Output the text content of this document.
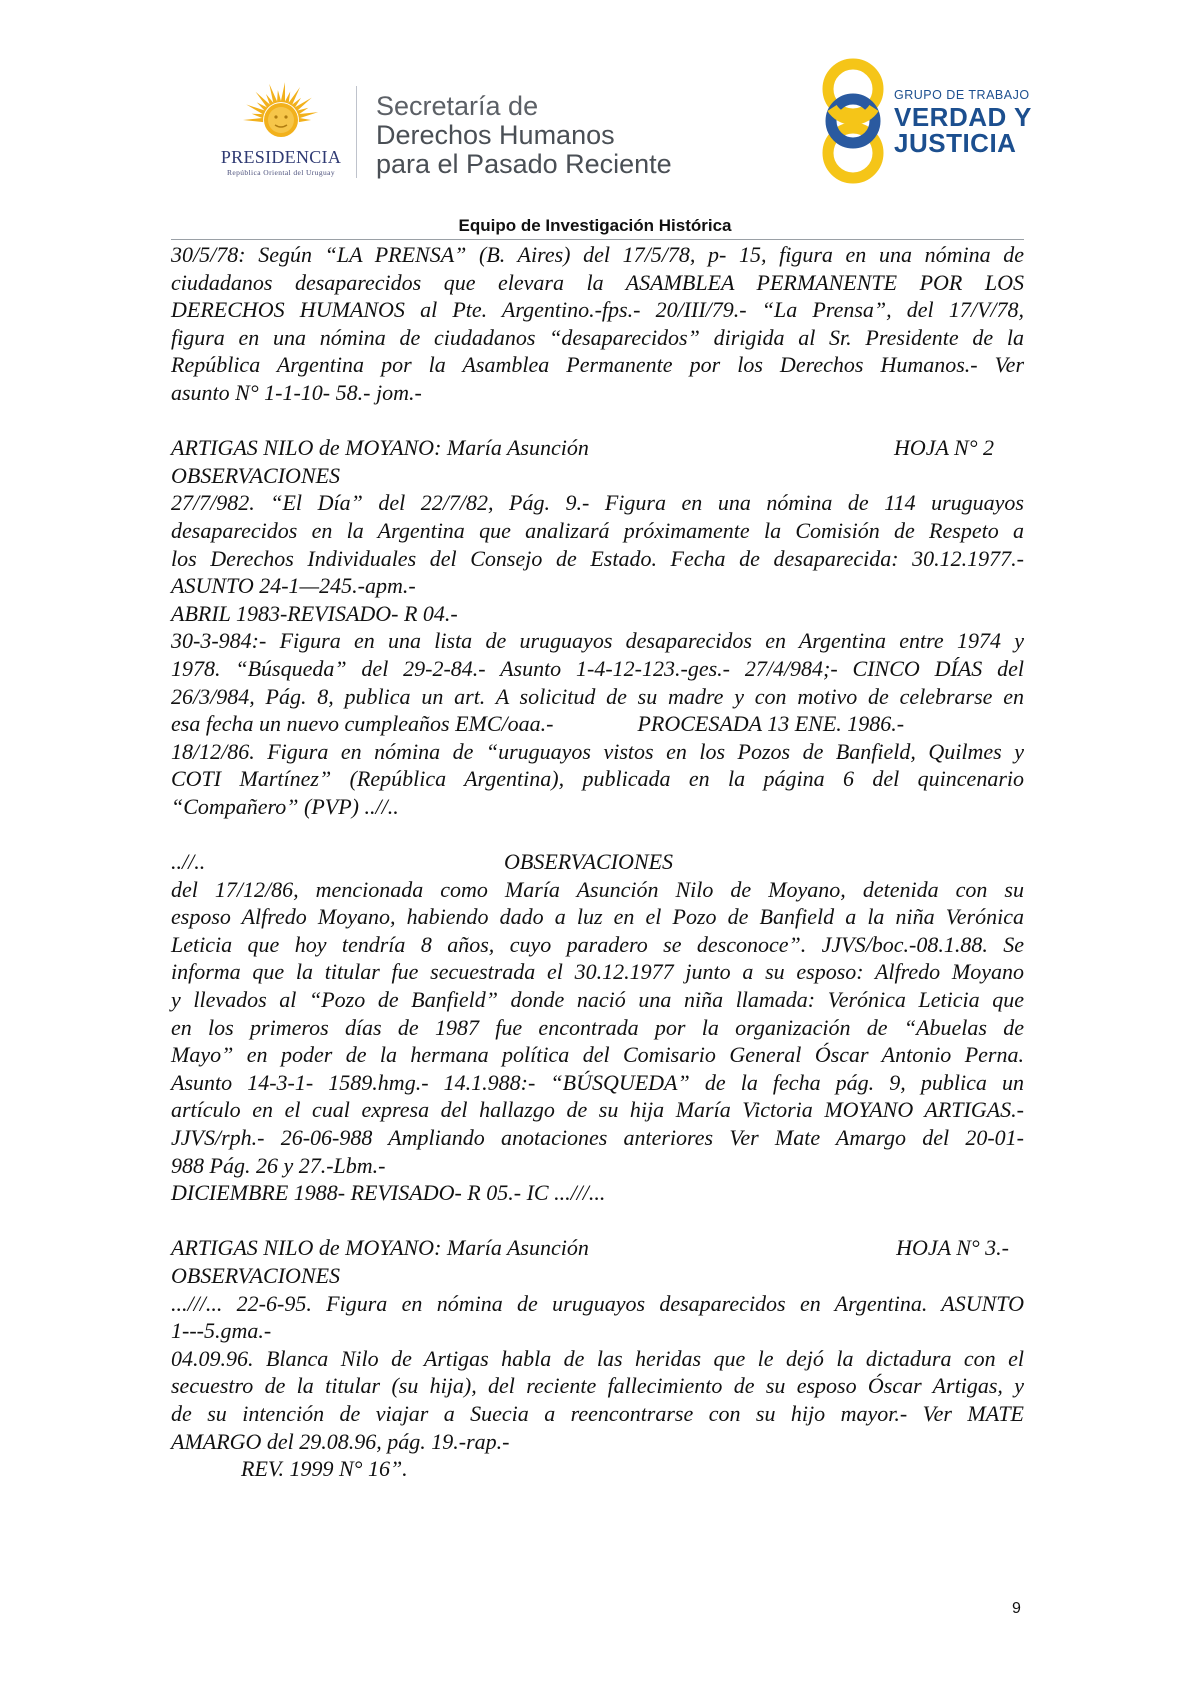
PRESIDENCIA
República Oriental del Uruguay
Secretaría de
Derechos Humanos
para el Pasado Reciente
GRUPO DE TRABAJO
VERDAD Y
JUSTICIA
Equipo de Investigación Histórica

30/5/78: Según “LA PRENSA” (B. Aires) del 17/5/78, p- 15, figura en una nómina de

ciudadanos desaparecidos que elevara la ASAMBLEA PERMANENTE POR LOS

DERECHOS HUMANOS al Pte. Argentino.-fps.- 20/III/79.- “La Prensa”, del 17/V/78,

figura en una nómina de ciudadanos “desaparecidos” dirigida al Sr. Presidente de la

República Argentina por la Asamblea Permanente por los Derechos Humanos.- Ver

asunto N° 1-1-10- 58.- jom.-

ARTIGAS NILO de MOYANO: María Asunción	HOJA N° 2

OBSERVACIONES

27/7/982. “El Día” del 22/7/82, Pág. 9.- Figura en una nómina de 114 uruguayos

desaparecidos en la Argentina que analizará próximamente la Comisión de Respeto a

los Derechos Individuales del Consejo de Estado. Fecha de desaparecida: 30.12.1977.-

ASUNTO 24-1—245.-apm.-

ABRIL 1983-REVISADO- R 04.-

30-3-984:- Figura en una lista de uruguayos desaparecidos en Argentina entre 1974 y

1978. “Búsqueda” del 29-2-84.- Asunto 1-4-12-123.-ges.- 27/4/984;- CINCO DÍAS del

26/3/984, Pág. 8, publica un art. A solicitud de su madre y con motivo de celebrarse en

esa fecha un nuevo cumpleaños EMC/oaa.-	PROCESADA 13 ENE. 1986.-

18/12/86. Figura en nómina de “uruguayos vistos en los Pozos de Banfield, Quilmes y

COTI Martínez” (República Argentina), publicada en la página 6 del quincenario

“Compañero” (PVP) ..//..

..//..	OBSERVACIONES

del 17/12/86, mencionada como María Asunción Nilo de Moyano, detenida con su

esposo Alfredo Moyano, habiendo dado a luz en el Pozo de Banfield a la niña Verónica

Leticia que hoy tendría 8 años, cuyo paradero se desconoce”. JJVS/boc.-08.1.88. Se

informa que la titular fue secuestrada el 30.12.1977 junto a su esposo: Alfredo Moyano

y llevados al “Pozo de Banfield” donde nació una niña llamada: Verónica Leticia que

en los primeros días de 1987 fue encontrada por la organización de “Abuelas de

Mayo” en poder de la hermana política del Comisario General Óscar Antonio Perna.

Asunto 14-3-1- 1589.hmg.- 14.1.988:- “BÚSQUEDA” de la fecha pág. 9, publica un

artículo en el cual expresa del hallazgo de su hija María Victoria MOYANO ARTIGAS.-

JJVS/rph.- 26-06-988 Ampliando anotaciones anteriores Ver Mate Amargo del 20-01-

988 Pág. 26 y 27.-Lbm.-

DICIEMBRE 1988- REVISADO- R 05.- IC ...///...

ARTIGAS NILO de MOYANO: María Asunción	HOJA N° 3.-

OBSERVACIONES

...///... 22-6-95. Figura en nómina de uruguayos desaparecidos en Argentina. ASUNTO

1---5.gma.-

04.09.96. Blanca Nilo de Artigas habla de las heridas que le dejó la dictadura con el

secuestro de la titular (su hija), del reciente fallecimiento de su esposo Óscar Artigas, y

de su intención de viajar a Suecia a reencontrarse con su hijo mayor.- Ver MATE

AMARGO del 29.08.96, pág. 19.-rap.-

REV. 1999 N° 16”.

9
